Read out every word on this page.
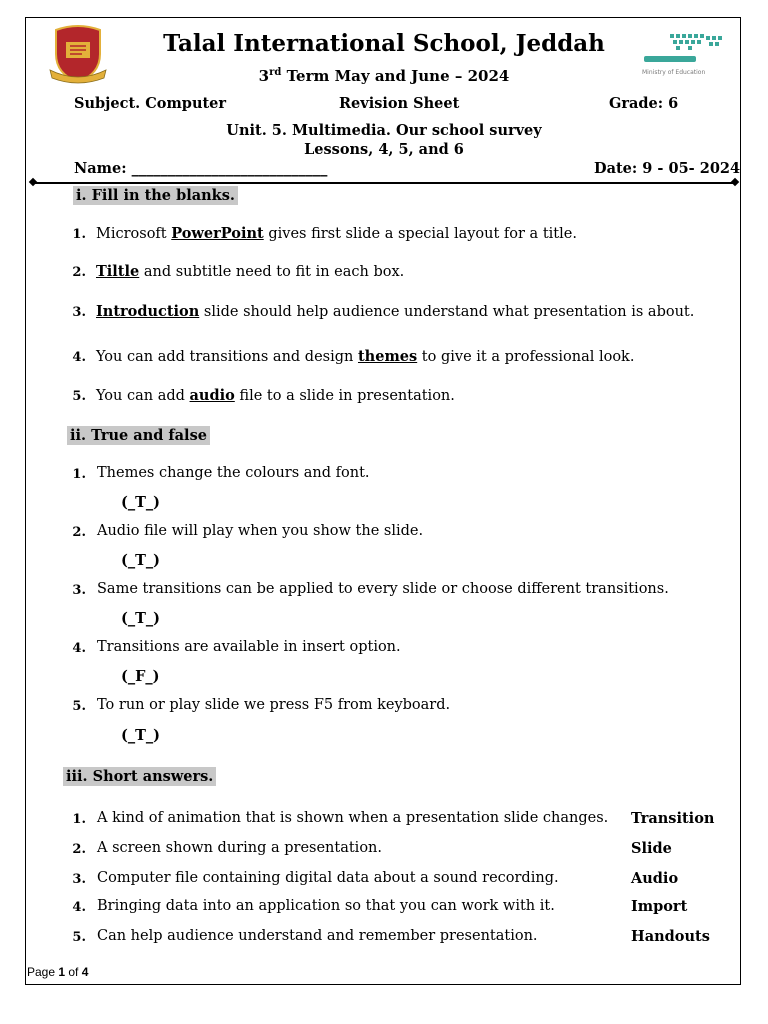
Ministry of Education
Talal International School, Jeddah
3rd Term May and June – 2024
Subject. Computer	Revision Sheet	Grade: 6
Unit. 5. Multimedia. Our school survey
Lessons, 4, 5, and 6
Name: ___________________________	Date: 9 - 05- 2024
i. Fill in the blanks.
1. Microsoft PowerPoint gives first slide a special layout for a title.
2. Tiltle and subtitle need to fit in each box.
3. Introduction slide should help audience understand what presentation is about.
4. You can add transitions and design themes to give it a professional look.
5. You can add audio file to a slide in presentation.
ii. True and false
1. Themes change the colours and font.
(_T_)
2. Audio file will play when you show the slide.
(_T_)
3. Same transitions can be applied to every slide or choose different transitions.
(_T_)
4. Transitions are available in insert option.
(_F_)
5. To run or play slide we press F5 from keyboard.
(_T_)
iii. Short answers.
1. A kind of animation that is shown when a presentation slide changes. Transition
2. A screen shown during a presentation.	Slide
3. Computer file containing digital data about a sound recording.	Audio
4. Bringing data into an application so that you can work with it.	Import
5. Can help audience understand and remember presentation.	Handouts
Page 1 of 4
